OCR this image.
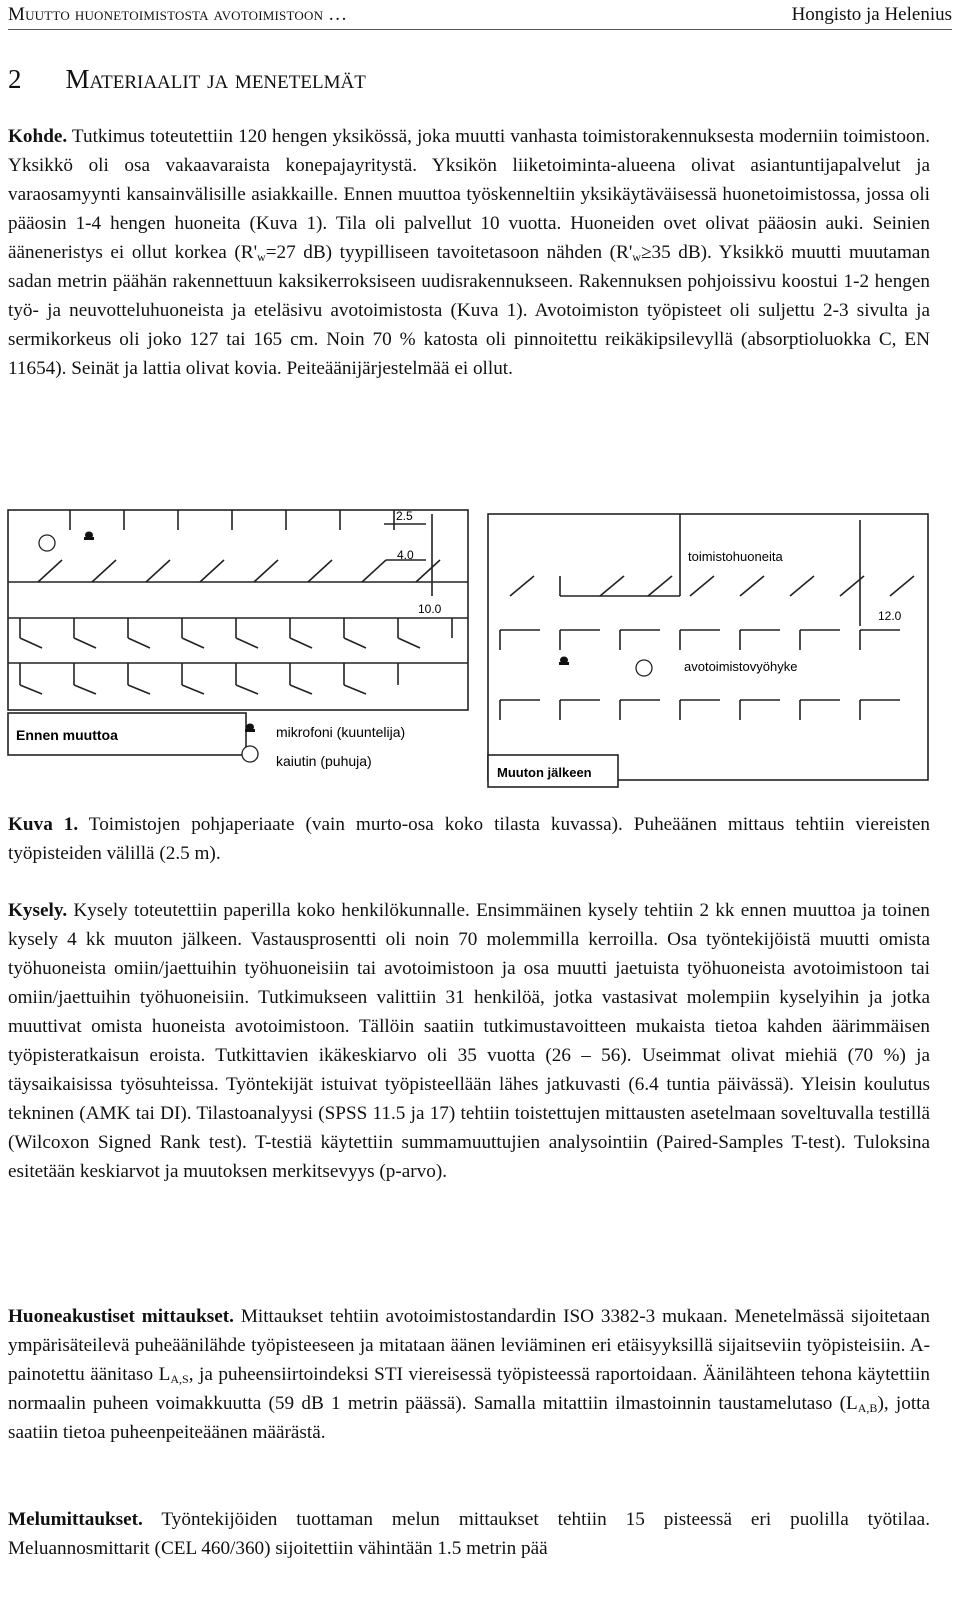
Muutto huonetoimistosta avotoimistoon …	Hongisto ja Helenius
2 Materiaalit ja menetelmät

Kohde. Tutkimus toteutettiin 120 hengen yksikössä, joka muutti vanhasta toimistorakennuksesta moderniin toimistoon. Yksikkö oli osa vakaavaraista konepajayritystä. Yksikön liiketoiminta-alueena olivat asiantuntijapalvelut ja varaosamyynti kansainvälisille asiakkaille. Ennen muuttoa työskenneltiin yksikäytäväisessä huonetoimistossa, jossa oli pääosin 1-4 hengen huoneita (Kuva 1). Tila oli palvellut 10 vuotta. Huoneiden ovet olivat pääosin auki. Seinien ääneneristys ei ollut korkea ($R'_w=27$ dB) tyypilliseen tavoitetasoon nähden ($R'_w\ge 35$ dB). Yksikkö muutti muutaman sadan metrin päähän rakennettuun kaksikerroksiseen uudisrakennukseen. Rakennuksen pohjoissivu koostui 1-2 hengen työ- ja neuvotteluhuoneista ja eteläsivu avotoimistosta (Kuva 1). Avotoimiston työpisteet oli suljettu 2-3 sivulta ja sermikorkeus oli joko 127 tai 165 cm. Noin 70 % katosta oli pinnoitettu reikäkipsilevyllä (absorptioluokka C, EN 11654). Seinät ja lattia olivat kovia. Peiteäänijärjestelmää ei ollut.

2.5
4.0
10.0
Ennen muuttoa
toimistohuoneita
12.0
avotoimistovyöhyke
Muuton jälkeen
mikrofoni (kuuntelija)
kaiutin (puhuja)

Kuva 1. Toimistojen pohjaperiaate (vain murto-osa koko tilasta kuvassa). Puheäänen mittaus tehtiin viereisten työpisteiden välillä (2.5 m).

Kysely. Kysely toteutettiin paperilla koko henkilökunnalle. Ensimmäinen kysely tehtiin 2 kk ennen muuttoa ja toinen kysely 4 kk muuton jälkeen. Vastausprosentti oli noin 70 molemmilla kerroilla. Osa työntekijöistä muutti omista työhuoneista omiin/jaettuihin työhuoneisiin tai avotoimistoon ja osa muutti jaetuista työhuoneista avotoimistoon tai omiin/jaettuihin työhuoneisiin. Tutkimukseen valittiin 31 henkilöä, jotka vastasivat molempiin kyselyihin ja jotka muuttivat omista huoneista avotoimistoon. Tällöin saatiin tutkimustavoitteen mukaista tietoa kahden äärimmäisen työpisteratkaisun eroista. Tutkittavien ikäkeskiarvo oli 35 vuotta (26 – 56). Useimmat olivat miehiä (70 %) ja täysaikaisissa työsuhteissa. Työntekijät istuivat työpisteellään lähes jatkuvasti (6.4 tuntia päivässä). Yleisin koulutus tekninen (AMK tai DI). Tilastoanalyysi (SPSS 11.5 ja 17) tehtiin toistettujen mittausten asetelmaan soveltuvalla testillä (Wilcoxon Signed Rank test). T-testiä käytettiin summamuuttujien analysointiin (Paired-Samples T-test). Tuloksina esitetään keskiarvot ja muutoksen merkitsevyys (p-arvo).

Huoneakustiset mittaukset. Mittaukset tehtiin avotoimistostandardin ISO 3382-3 mukaan. Menetelmässä sijoitetaan ympärisäteilevä puheäänilähde työpisteeseen ja mitataan äänen leviäminen eri etäisyyksillä sijaitseviin työpisteisiin. A-painotettu äänitaso $L_{A,S}$, ja puheensiirtoindeksi STI viereisessä työpisteessä raportoidaan. Äänilähteen tehona käytettiin normaalin puheen voimakkuutta (59 dB 1 metrin päässä). Samalla mitattiin ilmastoinnin taustamelutaso $(L_{A,B})$, jotta saatiin tietoa puheenpeiteäänen määrästä.

Melumittaukset. Työntekijöiden tuottaman melun mittaukset tehtiin 15 pisteessä eri puolilla työtilaa. Meluannosmittarit (CEL 460/360) sijoitettiin vähintään 1.5 metrin pää
